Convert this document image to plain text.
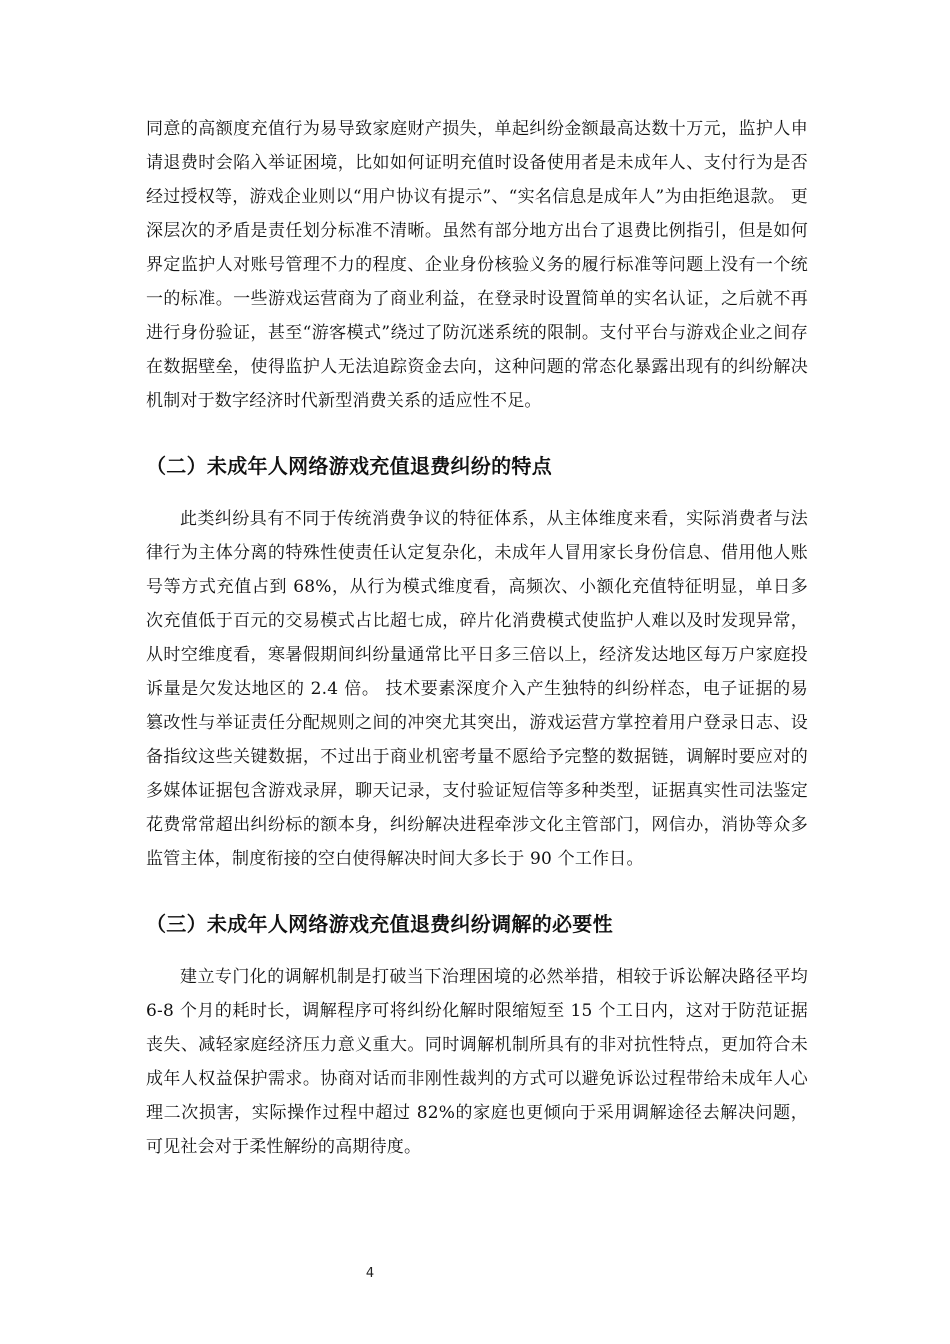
同意的高额度充值行为易导致家庭财产损失，单起纠纷金额最高达数十万元，监护人申请退费时会陷入举证困境，比如如何证明充值时设备使用者是未成年人、支付行为是否经过授权等，游戏企业则以“用户协议有提示”、“实名信息是成年人”为由拒绝退款。 更深层次的矛盾是责任划分标准不清晰。虽然有部分地方出台了退费比例指引，但是如何界定监护人对账号管理不力的程度、企业身份核验义务的履行标准等问题上没有一个统一的标准。一些游戏运营商为了商业利益，在登录时设置简单的实名认证，之后就不再进行身份验证，甚至“游客模式”绕过了防沉迷系统的限制。支付平台与游戏企业之间存在数据壁垒，使得监护人无法追踪资金去向，这种问题的常态化暴露出现有的纠纷解决机制对于数字经济时代新型消费关系的适应性不足。

（二）未成年人网络游戏充值退费纠纷的特点

此类纠纷具有不同于传统消费争议的特征体系，从主体维度来看，实际消费者与法律行为主体分离的特殊性使责任认定复杂化，未成年人冒用家长身份信息、借用他人账号等方式充值占到 68%，从行为模式维度看，高频次、小额化充值特征明显，单日多次充值低于百元的交易模式占比超七成，碎片化消费模式使监护人难以及时发现异常，从时空维度看，寒暑假期间纠纷量通常比平日多三倍以上，经济发达地区每万户家庭投诉量是欠发达地区的 2.4 倍。 技术要素深度介入产生独特的纠纷样态，电子证据的易篡改性与举证责任分配规则之间的冲突尤其突出，游戏运营方掌控着用户登录日志、设备指纹这些关键数据，不过出于商业机密考量不愿给予完整的数据链，调解时要应对的多媒体证据包含游戏录屏，聊天记录，支付验证短信等多种类型，证据真实性司法鉴定花费常常超出纠纷标的额本身，纠纷解决进程牵涉文化主管部门，网信办，消协等众多监管主体，制度衔接的空白使得解决时间大多长于 90 个工作日。

（三）未成年人网络游戏充值退费纠纷调解的必要性

建立专门化的调解机制是打破当下治理困境的必然举措，相较于诉讼解决路径平均 6-8 个月的耗时长，调解程序可将纠纷化解时限缩短至 15 个工日内，这对于防范证据丧失、减轻家庭经济压力意义重大。同时调解机制所具有的非对抗性特点，更加符合未成年人权益保护需求。协商对话而非刚性裁判的方式可以避免诉讼过程带给未成年人心理二次损害，实际操作过程中超过 82%的家庭也更倾向于采用调解途径去解决问题，可见社会对于柔性解纷的高期待度。

4
